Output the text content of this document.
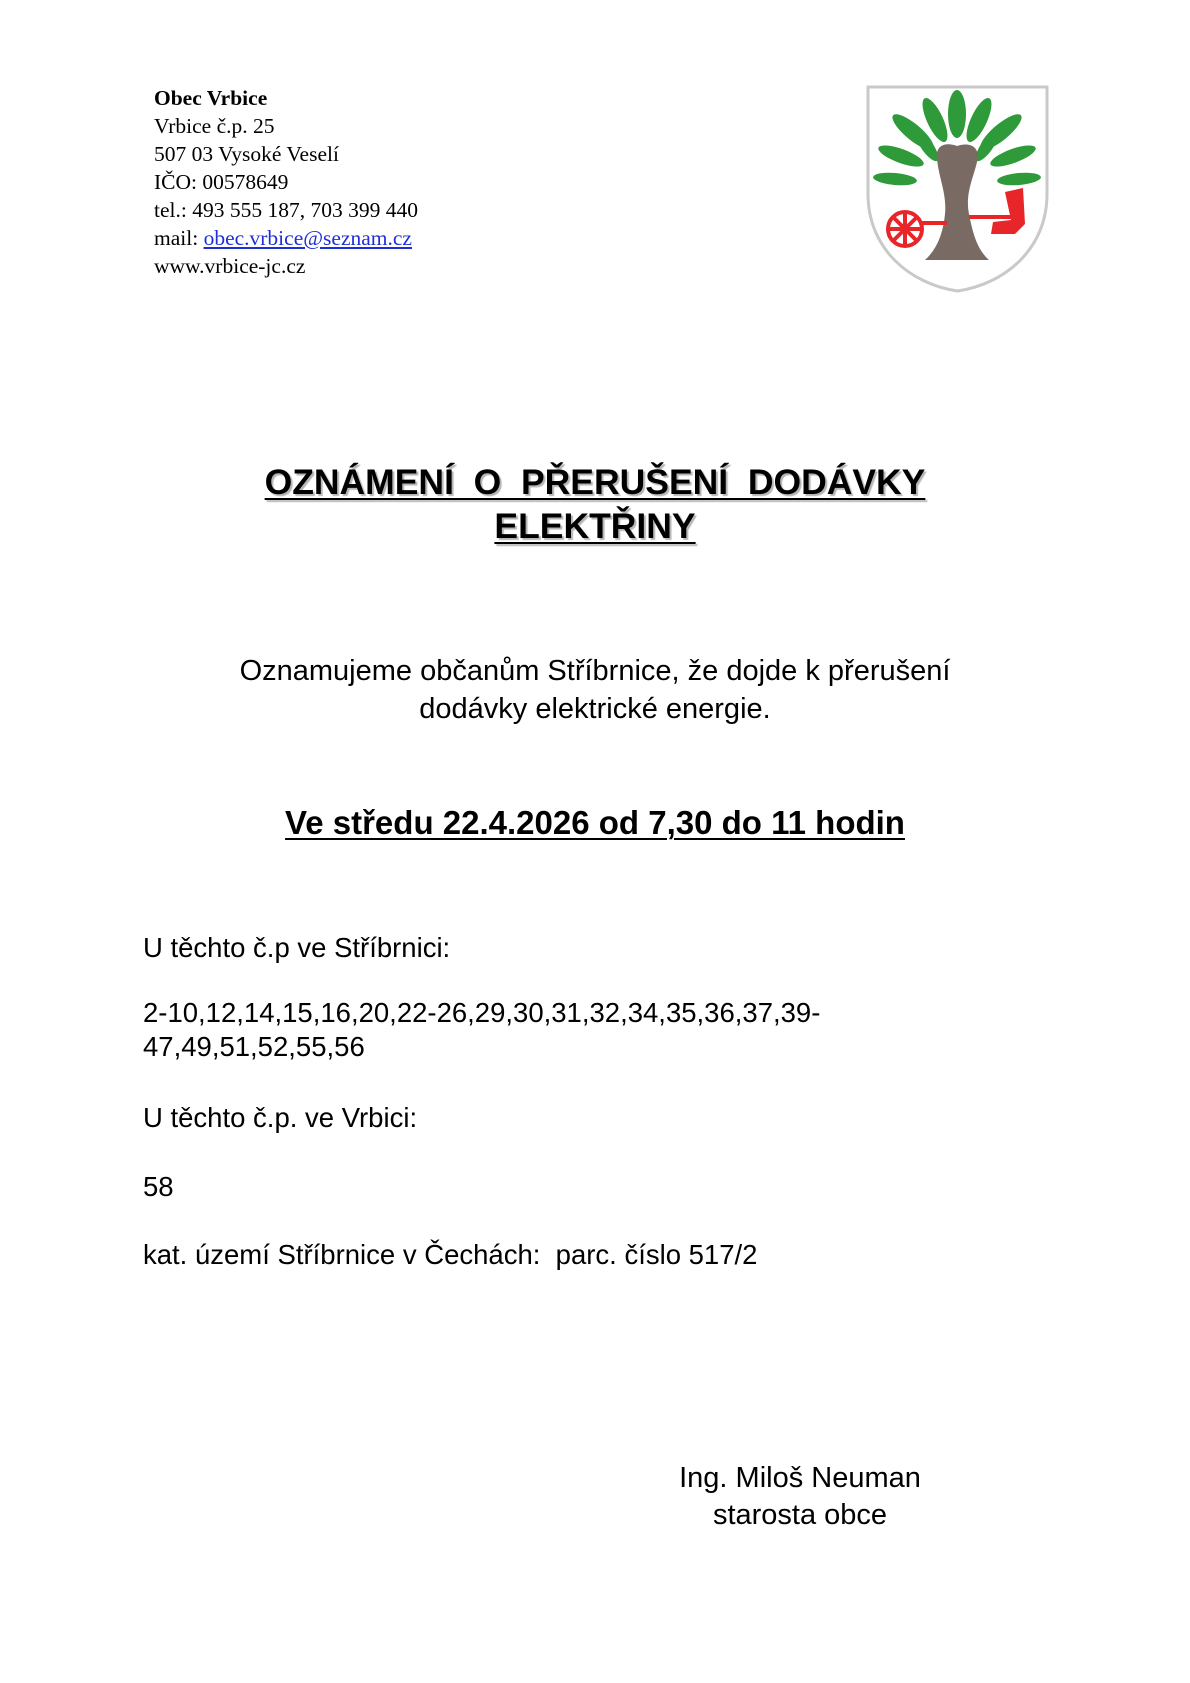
Obec Vrbice
Vrbice č.p. 25
507 03 Vysoké Veselí
IČO: 00578649
tel.: 493 555 187, 703 399 440
mail: obec.vrbice@seznam.cz
www.vrbice-jc.cz
OZNÁMENÍ  O  PŘERUŠENÍ  DODÁVKY
ELEKTŘINY
Oznamujeme občanům Stříbrnice, že dojde k přerušení
dodávky elektrické energie.
Ve středu 22.4.2026 od 7,30 do 11 hodin
U těchto č.p ve Stříbrnici:
2-10,12,14,15,16,20,22-26,29,30,31,32,34,35,36,37,39-
47,49,51,52,55,56
U těchto č.p. ve Vrbici:
58
kat. území Stříbrnice v Čechách:  parc. číslo 517/2
Ing. Miloš Neuman
starosta obce
